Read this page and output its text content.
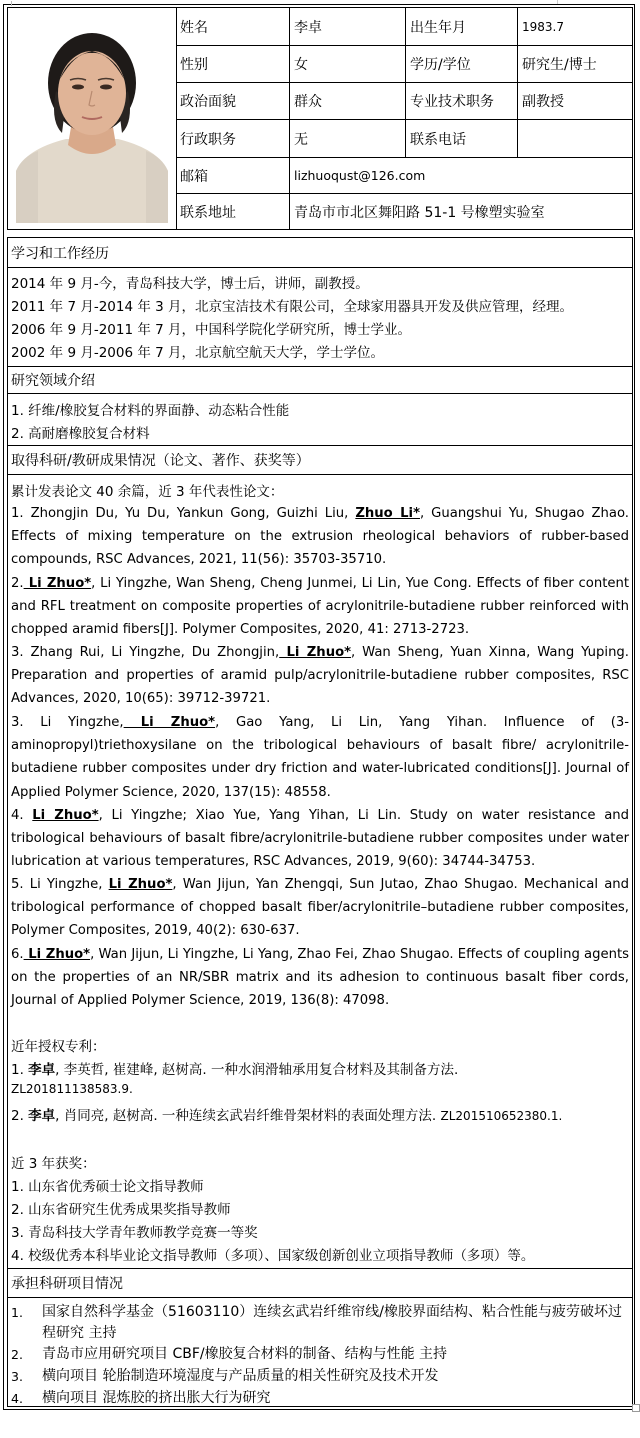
姓名	李卓	出生年月	1983.7
性别	女	学历/学位	研究生/博士
政治面貌	群众	专业技术职务	副教授
行政职务	无	联系电话
邮箱	lizhuoqust@126.com
联系地址	青岛市市北区舞阳路 51-1 号橡塑实验室
学习和工作经历
2014 年 9 月-今，青岛科技大学，博士后，讲师，副教授。
2011 年 7 月-2014 年 3 月，北京宝洁技术有限公司，全球家用器具开发及供应管理，经理。
2006 年 9 月-2011 年 7 月，中国科学院化学研究所，博士学业。
2002 年 9 月-2006 年 7 月，北京航空航天大学，学士学位。
研究领域介绍
1. 纤维/橡胶复合材料的界面静、动态粘合性能
2. 高耐磨橡胶复合材料
取得科研/教研成果情况（论文、著作、获奖等）
累计发表论文 40 余篇，近 3 年代表性论文：
1. Zhongjin Du, Yu Du, Yankun Gong, Guizhi Liu, Zhuo Li*, Guangshui Yu, Shugao Zhao. Effects of mixing temperature on the extrusion rheological behaviors of rubber-based compounds, RSC Advances, 2021, 11(56): 35703-35710.
2. Li Zhuo*, Li Yingzhe, Wan Sheng, Cheng Junmei, Li Lin, Yue Cong. Effects of fiber content and RFL treatment on composite properties of acrylonitrile-butadiene rubber reinforced with chopped aramid fibers[J]. Polymer Composites, 2020, 41: 2713-2723.
3. Zhang Rui, Li Yingzhe, Du Zhongjin, Li Zhuo*, Wan Sheng, Yuan Xinna, Wang Yuping. Preparation and properties of aramid pulp/acrylonitrile-butadiene rubber composites, RSC Advances, 2020, 10(65): 39712-39721.
3. Li Yingzhe, Li Zhuo*, Gao Yang, Li Lin, Yang Yihan. Influence of (3-aminopropyl)triethoxysilane on the tribological behaviours of basalt fibre/ acrylonitrile-butadiene rubber composites under dry friction and water-lubricated conditions[J]. Journal of Applied Polymer Science, 2020, 137(15): 48558.
4. Li Zhuo*, Li Yingzhe; Xiao Yue, Yang Yihan, Li Lin. Study on water resistance and tribological behaviours of basalt fibre/acrylonitrile-butadiene rubber composites under water lubrication at various temperatures, RSC Advances, 2019, 9(60): 34744-34753.
5. Li Yingzhe, Li Zhuo*, Wan Jijun, Yan Zhengqi, Sun Jutao, Zhao Shugao. Mechanical and tribological performance of chopped basalt fiber/acrylonitrile–butadiene rubber composites, Polymer Composites, 2019, 40(2): 630-637.
6. Li Zhuo*, Wan Jijun, Li Yingzhe, Li Yang, Zhao Fei, Zhao Shugao. Effects of coupling agents on the properties of an NR/SBR matrix and its adhesion to continuous basalt fiber cords, Journal of Applied Polymer Science, 2019, 136(8): 47098.
近年授权专利：
1. 李卓, 李英哲, 崔建峰, 赵树高. 一种水润滑轴承用复合材料及其制备方法.
ZL201811138583.9.
2. 李卓, 肖同亮, 赵树高. 一种连续玄武岩纤维骨架材料的表面处理方法. ZL201510652380.1.
近 3 年获奖：
1. 山东省优秀硕士论文指导教师
2. 山东省研究生优秀成果奖指导教师
3. 青岛科技大学青年教师教学竞赛一等奖
4. 校级优秀本科毕业论文指导教师（多项）、国家级创新创业立项指导教师（多项）等。
承担科研项目情况
1.	国家自然科学基金（51603110）连续玄武岩纤维帘线/橡胶界面结构、粘合性能与疲劳破坏过程研究 主持
2.	青岛市应用研究项目 CBF/橡胶复合材料的制备、结构与性能 主持
3.	横向项目 轮胎制造环境湿度与产品质量的相关性研究及技术开发
4.	横向项目 混炼胶的挤出胀大行为研究
